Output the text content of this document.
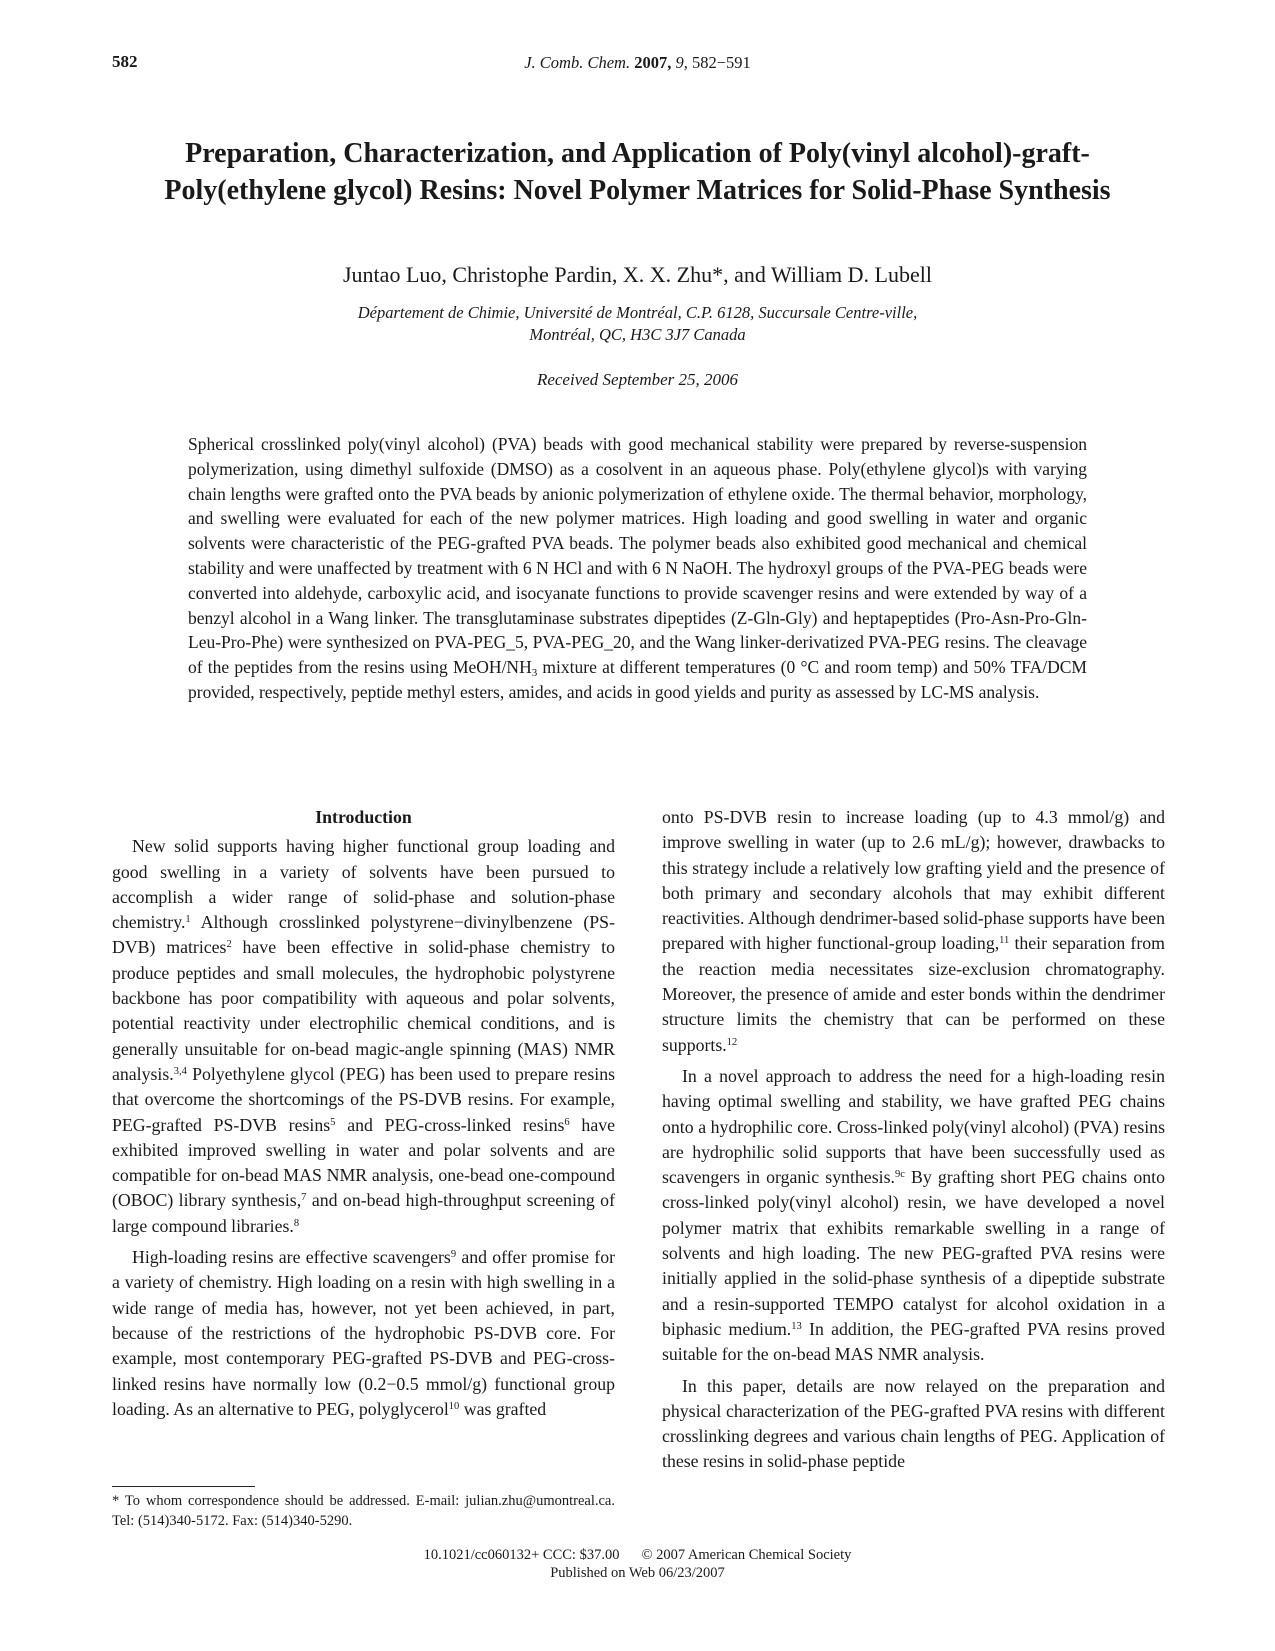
582	J. Comb. Chem. 2007, 9, 582−591
Preparation, Characterization, and Application of Poly(vinyl alcohol)-graft-Poly(ethylene glycol) Resins: Novel Polymer Matrices for Solid-Phase Synthesis
Juntao Luo, Christophe Pardin, X. X. Zhu*, and William D. Lubell
Département de Chimie, Université de Montréal, C.P. 6128, Succursale Centre-ville,
Montréal, QC, H3C 3J7 Canada
Received September 25, 2006
Spherical crosslinked poly(vinyl alcohol) (PVA) beads with good mechanical stability were prepared by reverse-suspension polymerization, using dimethyl sulfoxide (DMSO) as a cosolvent in an aqueous phase. Poly(ethylene glycol)s with varying chain lengths were grafted onto the PVA beads by anionic polymerization of ethylene oxide. The thermal behavior, morphology, and swelling were evaluated for each of the new polymer matrices. High loading and good swelling in water and organic solvents were characteristic of the PEG-grafted PVA beads. The polymer beads also exhibited good mechanical and chemical stability and were unaffected by treatment with 6 N HCl and with 6 N NaOH. The hydroxyl groups of the PVA-PEG beads were converted into aldehyde, carboxylic acid, and isocyanate functions to provide scavenger resins and were extended by way of a benzyl alcohol in a Wang linker. The transglutaminase substrates dipeptides (Z-Gln-Gly) and heptapeptides (Pro-Asn-Pro-Gln-Leu-Pro-Phe) were synthesized on PVA-PEG_5, PVA-PEG_20, and the Wang linker-derivatized PVA-PEG resins. The cleavage of the peptides from the resins using MeOH/$NH_3$ mixture at different temperatures (0 °C and room temp) and 50% TFA/DCM provided, respectively, peptide methyl esters, amides, and acids in good yields and purity as assessed by LC-MS analysis.
Introduction

New solid supports having higher functional group loading and good swelling in a variety of solvents have been pursued to accomplish a wider range of solid-phase and solution-phase chemistry.$^1$ Although crosslinked polystyrene−divinylbenzene (PS-DVB) matrices$^2$ have been effective in solid-phase chemistry to produce peptides and small molecules, the hydrophobic polystyrene backbone has poor compatibility with aqueous and polar solvents, potential reactivity under electrophilic chemical conditions, and is generally unsuitable for on-bead magic-angle spinning (MAS) NMR analysis.$^{3,4}$ Polyethylene glycol (PEG) has been used to prepare resins that overcome the shortcomings of the PS-DVB resins. For example, PEG-grafted PS-DVB resins$^5$ and PEG-cross-linked resins$^6$ have exhibited improved swelling in water and polar solvents and are compatible for on-bead MAS NMR analysis, one-bead one-compound (OBOC) library synthesis,$^7$ and on-bead high-throughput screening of large compound libraries.$^8$

High-loading resins are effective scavengers$^9$ and offer promise for a variety of chemistry. High loading on a resin with high swelling in a wide range of media has, however, not yet been achieved, in part, because of the restrictions of the hydrophobic PS-DVB core. For example, most contemporary PEG-grafted PS-DVB and PEG-cross-linked resins have normally low (0.2−0.5 mmol/g) functional group loading. As an alternative to PEG, polyglycerol$^{10}$ was grafted

onto PS-DVB resin to increase loading (up to 4.3 mmol/g) and improve swelling in water (up to 2.6 mL/g); however, drawbacks to this strategy include a relatively low grafting yield and the presence of both primary and secondary alcohols that may exhibit different reactivities. Although dendrimer-based solid-phase supports have been prepared with higher functional-group loading,$^{11}$ their separation from the reaction media necessitates size-exclusion chromatography. Moreover, the presence of amide and ester bonds within the dendrimer structure limits the chemistry that can be performed on these supports.$^{12}$

In a novel approach to address the need for a high-loading resin having optimal swelling and stability, we have grafted PEG chains onto a hydrophilic core. Cross-linked poly(vinyl alcohol) (PVA) resins are hydrophilic solid supports that have been successfully used as scavengers in organic synthesis.$^{9c}$ By grafting short PEG chains onto cross-linked poly(vinyl alcohol) resin, we have developed a novel polymer matrix that exhibits remarkable swelling in a range of solvents and high loading. The new PEG-grafted PVA resins were initially applied in the solid-phase synthesis of a dipeptide substrate and a resin-supported TEMPO catalyst for alcohol oxidation in a biphasic medium.$^{13}$ In addition, the PEG-grafted PVA resins proved suitable for the on-bead MAS NMR analysis.

In this paper, details are now relayed on the preparation and physical characterization of the PEG-grafted PVA resins with different crosslinking degrees and various chain lengths of PEG. Application of these resins in solid-phase peptide

* To whom correspondence should be addressed. E-mail: julian.zhu@umontreal.ca. Tel: (514)340-5172. Fax: (514)340-5290.
10.1021/cc060132+ CCC: $37.00 © 2007 American Chemical Society
Published on Web 06/23/2007
